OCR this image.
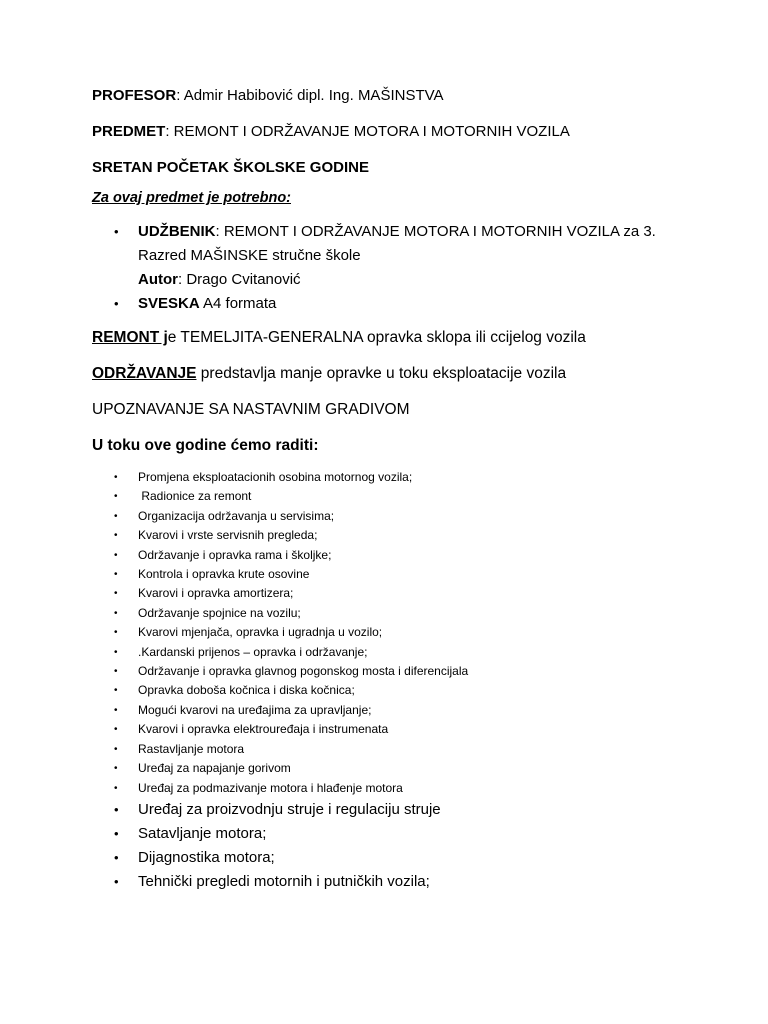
PROFESOR: Admir Habibović dipl. Ing. MAŠINSTVA
PREDMET: REMONT I ODRŽAVANJE MOTORA I MOTORNIH VOZILA
SRETAN POČETAK ŠKOLSKE GODINE
Za ovaj predmet je potrebno:
• UDŽBENIK: REMONT I ODRŽAVANJE MOTORA I MOTORNIH VOZILA za 3.
Razred MAŠINSKE stručne škole
Autor: Drago Cvitanović
• SVESKA A4 formata
REMONT je TEMELJITA-GENERALNA opravka sklopa ili ccijelog vozila
ODRŽAVANJE predstavlja manje opravke u toku eksploatacije vozila
UPOZNAVANJE SA NASTAVNIM GRADIVOM
U toku ove godine ćemo raditi:
• Promjena eksploatacionih osobina motornog vozila;
• Radionice za remont
• Organizacija održavanja u servisima;
• Kvarovi i vrste servisnih pregleda;
• Održavanje i opravka rama i školjke;
• Kontrola i opravka krute osovine
• Kvarovi i opravka amortizera;
• Održavanje spojnice na vozilu;
• Kvarovi mjenjača, opravka i ugradnja u vozilo;
• .Kardanski prijenos – opravka i održavanje;
• Održavanje i opravka glavnog pogonskog mosta i diferencijala
• Opravka doboša kočnica i diska kočnica;
• Mogući kvarovi na uređajima za upravljanje;
• Kvarovi i opravka elektrouređaja i instrumenata
• Rastavljanje motora
• Uređaj za napajanje gorivom
• Uređaj za podmazivanje motora i hlađenje motora
• Uređaj za proizvodnju struje i regulaciju struje
• Satavljanje motora;
• Dijagnostika motora;
• Tehnički pregledi motornih i putničkih vozila;
